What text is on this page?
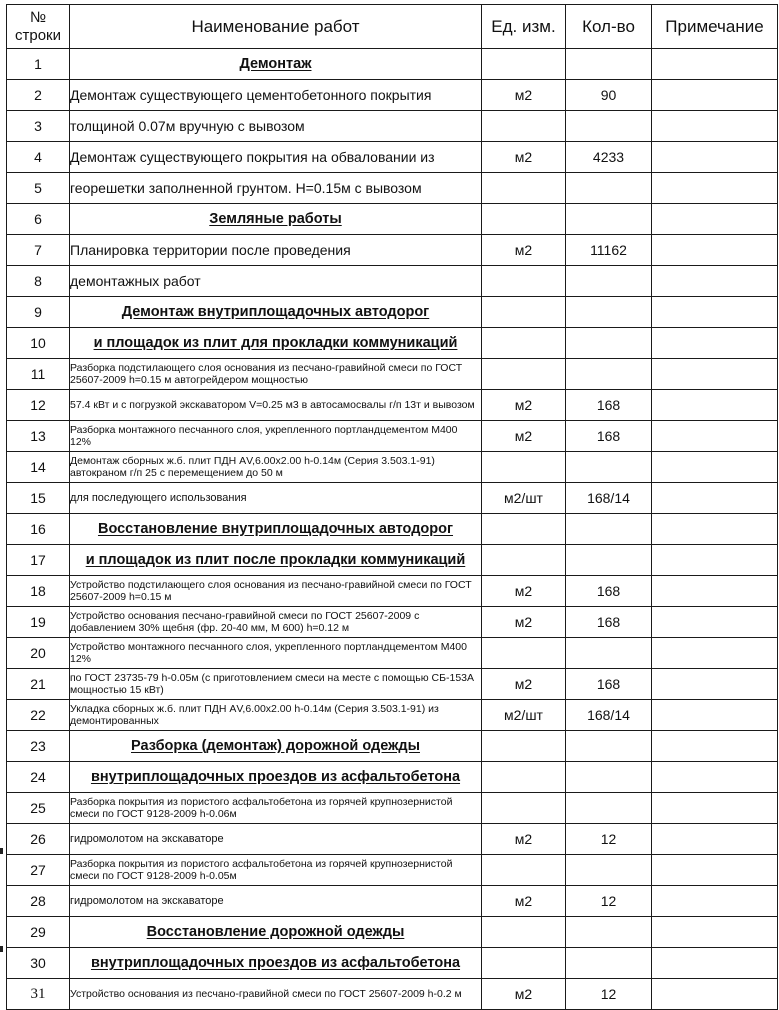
№ строки	Наименование работ	Ед. изм.	Кол-во	Примечание
1	Демонтаж			
2	Демонтаж существующего цементобетонного покрытия	м2	90	
3	толщиной 0.07м вручную с вывозом			
4	Демонтаж существующего покрытия на обваловании из	м2	4233	
5	георешетки заполненной грунтом. Н=0.15м с вывозом			
6	Земляные работы			
7	Планировка территории после проведения	м2	11162	
8	демонтажных работ			
9	Демонтаж внутриплощадочных автодорог			
10	и площадок из плит для прокладки коммуникаций			
11	Разборка подстилающего слоя основания из песчано-гравийной смеси по ГОСТ 25607-2009 h=0.15 м автогрейдером мощностью			
12	57.4 кВт и с погрузкой экскаватором V=0.25 м3 в автосамосвалы г/п 13т и вывозом	м2	168	
13	Разборка монтажного песчанного слоя, укрепленного портландцементом М400 12%	м2	168	
14	Демонтаж сборных ж.б. плит ПДН АV,6.00х2.00 h-0.14м (Серия 3.503.1-91) автокраном г/п 25 с перемещением до 50 м			
15	для последующего использования	м2/шт	168/14	
16	Восстановление внутриплощадочных автодорог			
17	и площадок из плит после прокладки коммуникаций			
18	Устройство подстилающего слоя основания из песчано-гравийной смеси по ГОСТ 25607-2009 h=0.15 м	м2	168	
19	Устройство основания песчано-гравийной смеси по ГОСТ 25607-2009 с добавлением 30% щебня (фр. 20-40 мм, М 600) h=0.12 м	м2	168	
20	Устройство монтажного песчанного слоя, укрепленного портландцементом М400 12%			
21	по ГОСТ 23735-79 h-0.05м (с приготовлением смеси на месте с помощью СБ-153А мощностью 15 кВт)	м2	168	
22	Укладка сборных ж.б. плит ПДН АV,6.00х2.00 h-0.14м (Серия 3.503.1-91) из демонтированных	м2/шт	168/14	
23	Разборка (демонтаж) дорожной одежды			
24	внутриплощадочных проездов из асфальтобетона			
25	Разборка покрытия из пористого асфальтобетона из горячей крупнозернистой смеси по ГОСТ 9128-2009 h-0.06м			
26	гидромолотом на экскаваторе	м2	12	
27	Разборка покрытия из пористого асфальтобетона из горячей крупнозернистой смеси по ГОСТ 9128-2009 h-0.05м			
28	гидромолотом на экскаваторе	м2	12	
29	Восстановление дорожной одежды			
30	внутриплощадочных проездов из асфальтобетона			
31	Устройство основания из песчано-гравийной смеси по ГОСТ 25607-2009 h-0.2 м	м2	12	
